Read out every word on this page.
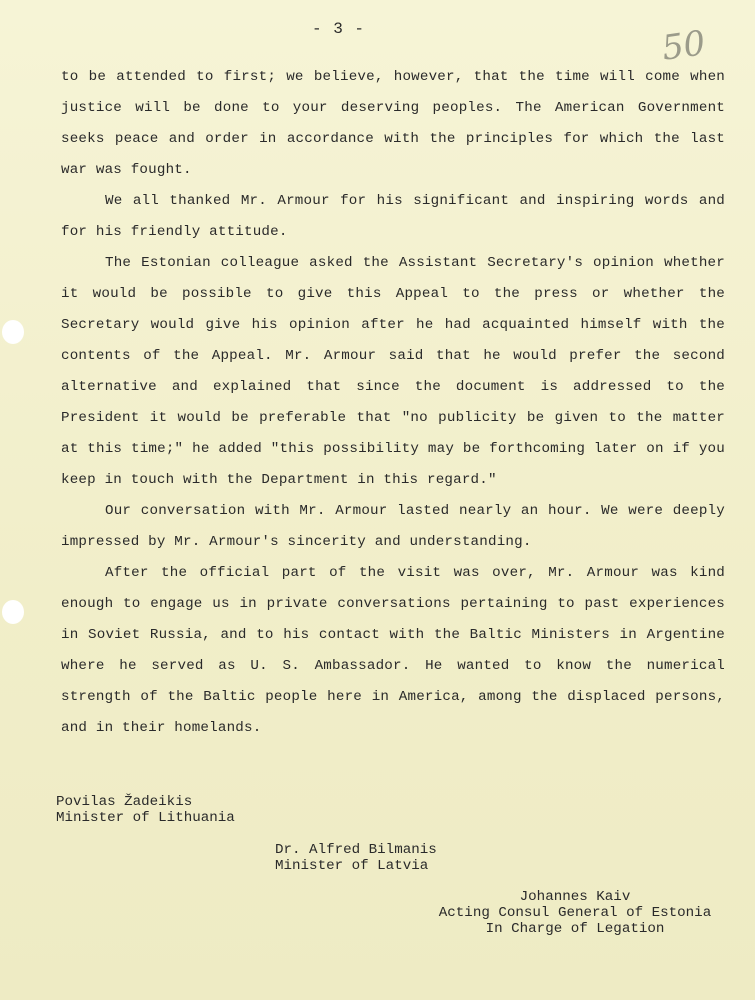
- 3 -	50

to be attended to first; we believe, however, that the time will come when justice will be done to your deserving peoples. The American Government seeks peace and order in accordance with the principles for which the last war was fought.

We all thanked Mr. Armour for his significant and inspiring words and for his friendly attitude.

The Estonian colleague asked the Assistant Secretary's opinion whether it would be possible to give this Appeal to the press or whether the Secretary would give his opinion after he had acquainted himself with the contents of the Appeal. Mr. Armour said that he would prefer the second alternative and explained that since the document is addressed to the President it would be preferable that "no publicity be given to the matter at this time;" he added "this possibility may be forthcoming later on if you keep in touch with the Department in this regard."

Our conversation with Mr. Armour lasted nearly an hour. We were deeply impressed by Mr. Armour's sincerity and understanding.

After the official part of the visit was over, Mr. Armour was kind enough to engage us in private conversations pertaining to past experiences in Soviet Russia, and to his contact with the Baltic Ministers in Argentine where he served as U. S. Ambassador. He wanted to know the numerical strength of the Baltic people here in America, among the displaced persons, and in their homelands.

Povilas Žadeikis
Minister of Lithuania
Dr. Alfred Bilmanis
Minister of Latvia
Johannes Kaiv
Acting Consul General of Estonia
In Charge of Legation
